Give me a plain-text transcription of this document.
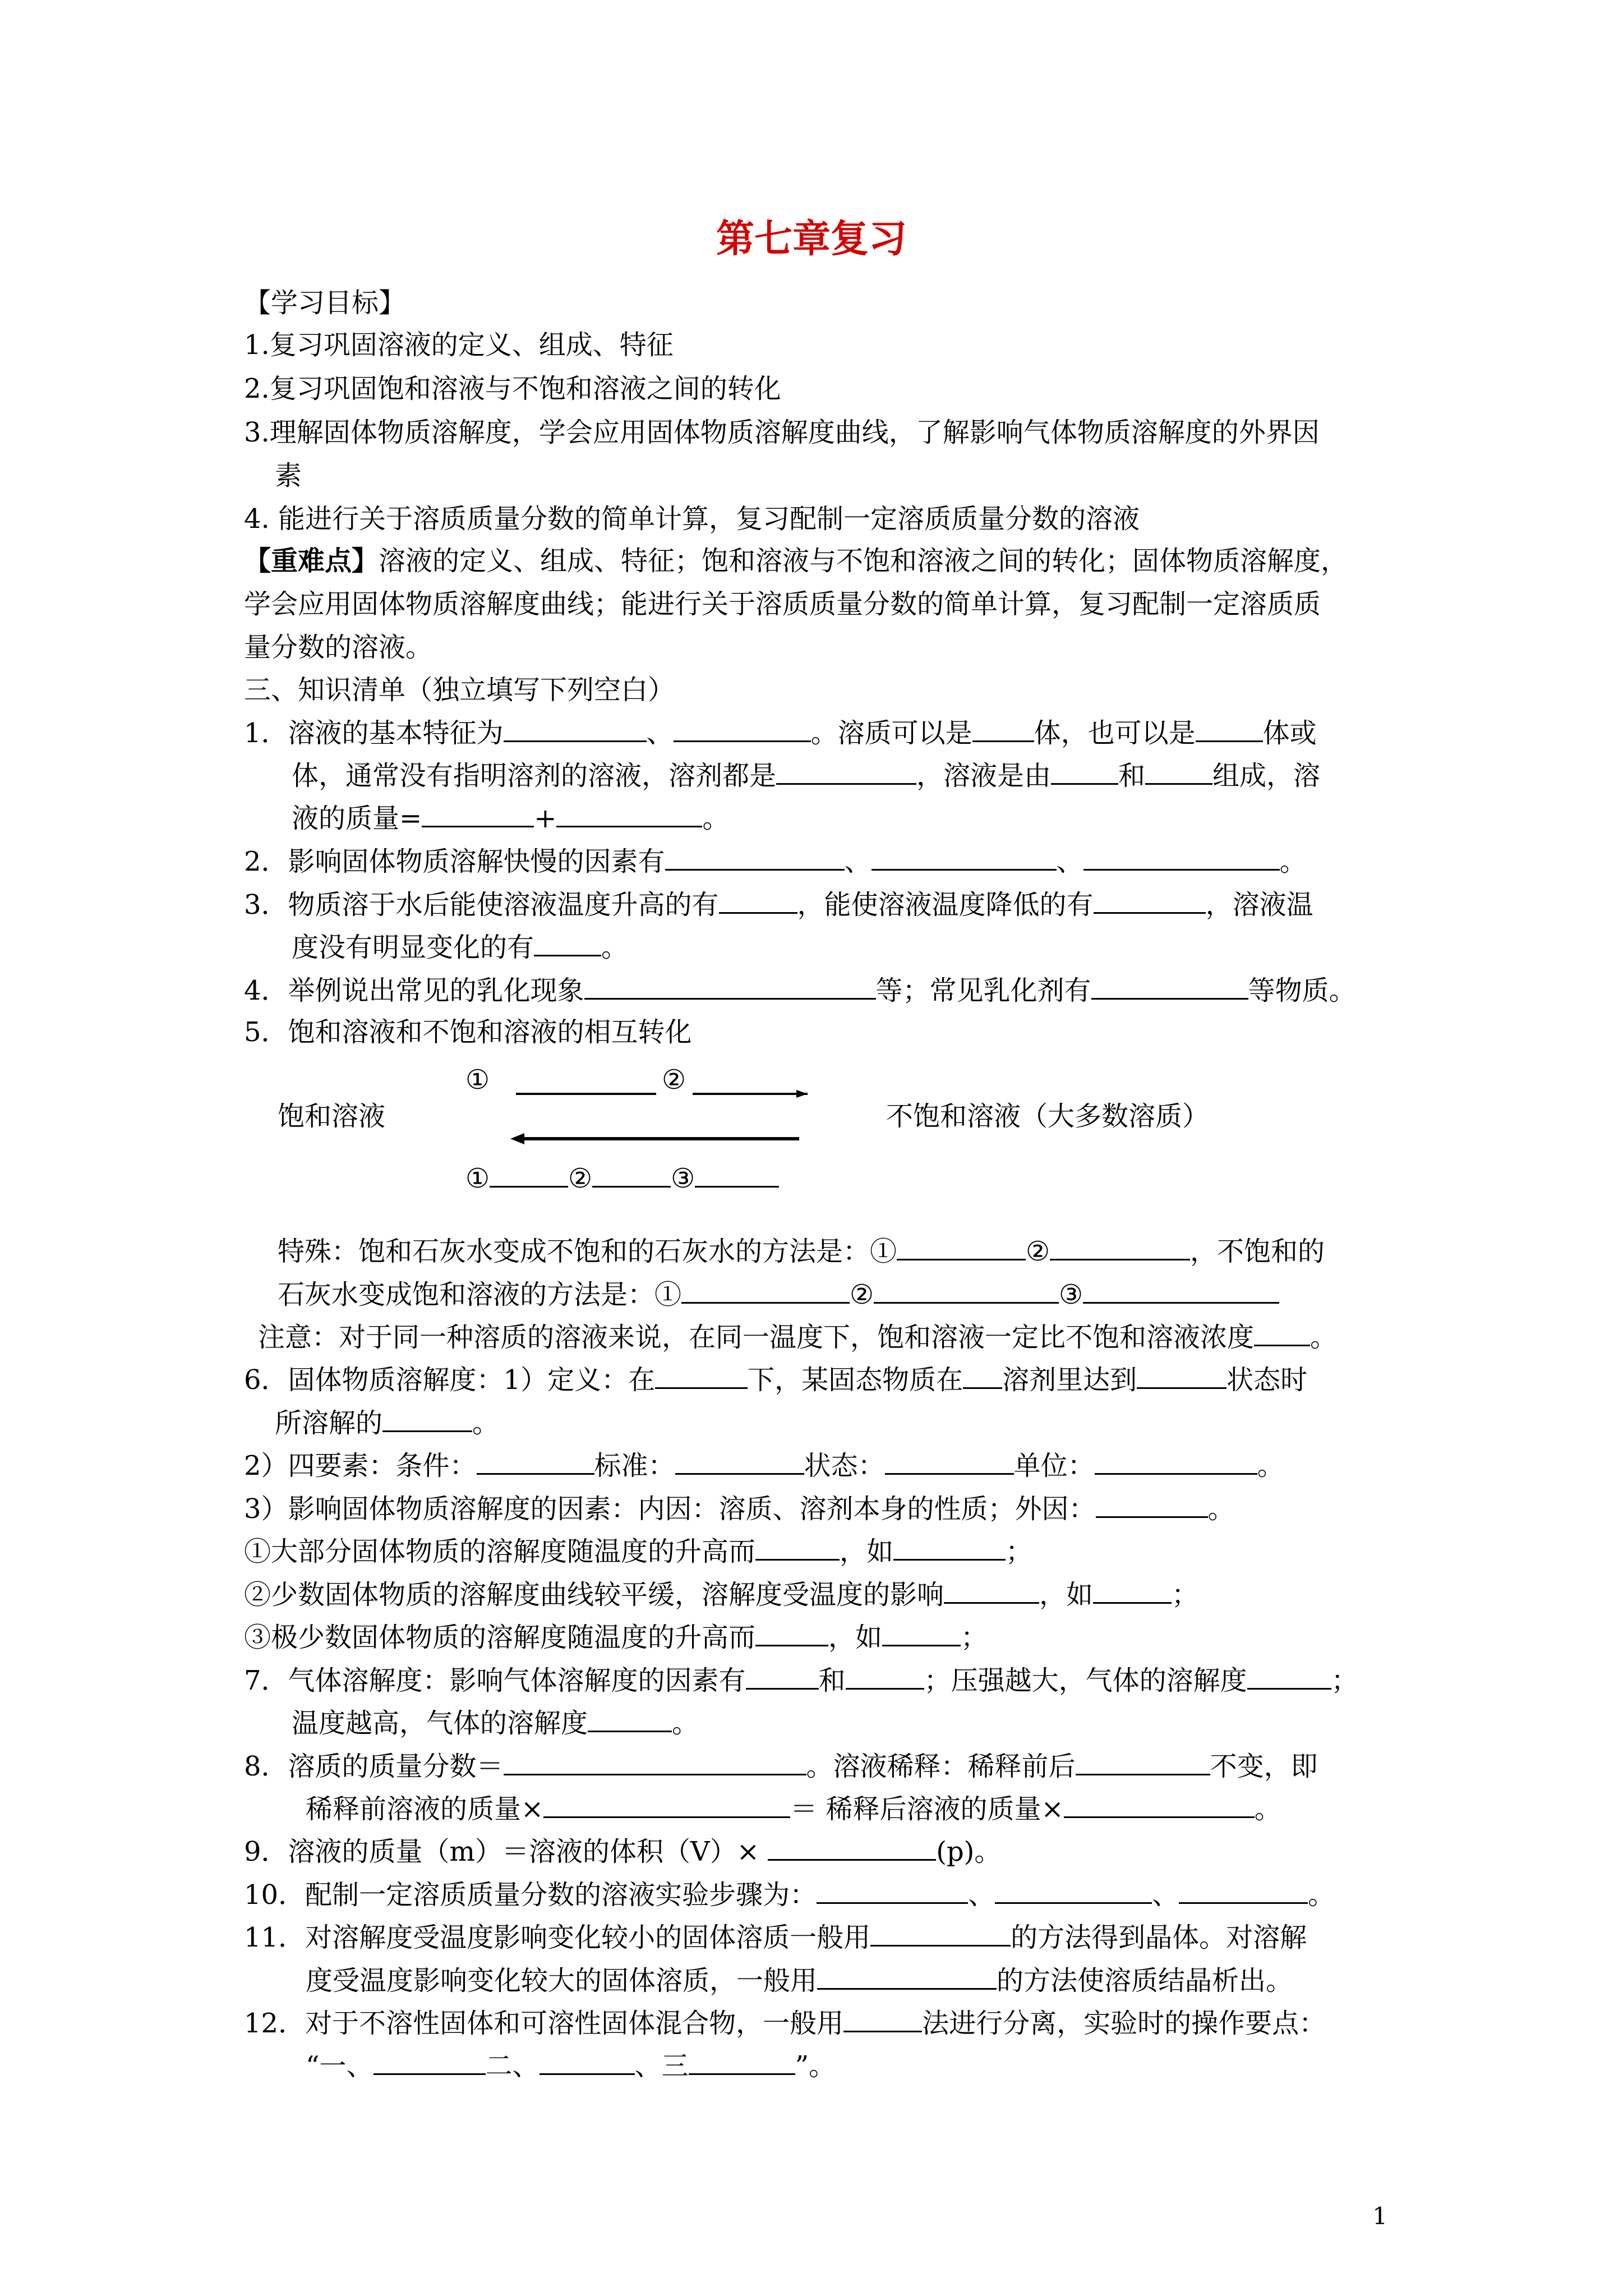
第七章复习
【学习目标】
1.复习巩固溶液的定义、组成、特征
2.复习巩固饱和溶液与不饱和溶液之间的转化
3.理解固体物质溶解度，学会应用固体物质溶解度曲线，了解影响气体物质溶解度的外界因
素
4. 能进行关于溶质质量分数的简单计算，复习配制一定溶质质量分数的溶液
【重难点】溶液的定义、组成、特征；饱和溶液与不饱和溶液之间的转化；固体物质溶解度，
学会应用固体物质溶解度曲线；能进行关于溶质质量分数的简单计算，复习配制一定溶质质
量分数的溶液。
三、知识清单（独立填写下列空白）
1．溶液的基本特征为	、	。溶质可以是 体，也可以是	体或
体，通常没有指明溶剂的溶液，溶剂都是	，溶液是由	和	组成，溶
液的质量=	+	。
2．影响固体物质溶解快慢的因素有	、	、	。
3．物质溶于水后能使溶液温度升高的有	，能使溶液温度降低的有	，溶液温
度没有明显变化的有	。
4．举例说出常见的乳化现象	等；常见乳化剂有	等物质。
5．饱和溶液和不饱和溶液的相互转化
饱和溶液	不饱和溶液（大多数溶质）
①	②
①	②	③
特殊：饱和石灰水变成不饱和的石灰水的方法是：①	②	，不饱和的
石灰水变成饱和溶液的方法是：①	②	③
注意：对于同一种溶质的溶液来说，在同一温度下，饱和溶液一定比不饱和溶液浓度 。
6．固体物质溶解度：1）定义：在	下，某固态物质在 溶剂里达到	状态时
所溶解的	。
2）四要素：条件：	标准：	状态：	单位：	。
3）影响固体物质溶解度的因素：内因：溶质、溶剂本身的性质；外因：	。
①大部分固体物质的溶解度随温度的升高而	，如	；
②少数固体物质的溶解度曲线较平缓，溶解度受温度的影响	，如	；
③极少数固体物质的溶解度随温度的升高而	，如	；
7．气体溶解度：影响气体溶解度的因素有	和	；压强越大，气体的溶解度	；
温度越高，气体的溶解度	。
8．溶质的质量分数＝	。溶液稀释：稀释前后	不变，即
稀释前溶液的质量×	＝ 稀释后溶液的质量×	。
9．溶液的质量（m）＝溶液的体积（V）×	(p)。
10．配制一定溶质质量分数的溶液实验步骤为：	、	、	。
11．对溶解度受温度影响变化较小的固体溶质一般用	的方法得到晶体。对溶解
度受温度影响变化较大的固体溶质，一般用	的方法使溶质结晶析出。
12．对于不溶性固体和可溶性固体混合物，一般用	法进行分离，实验时的操作要点：
“一、	二、	、三	”。
1
